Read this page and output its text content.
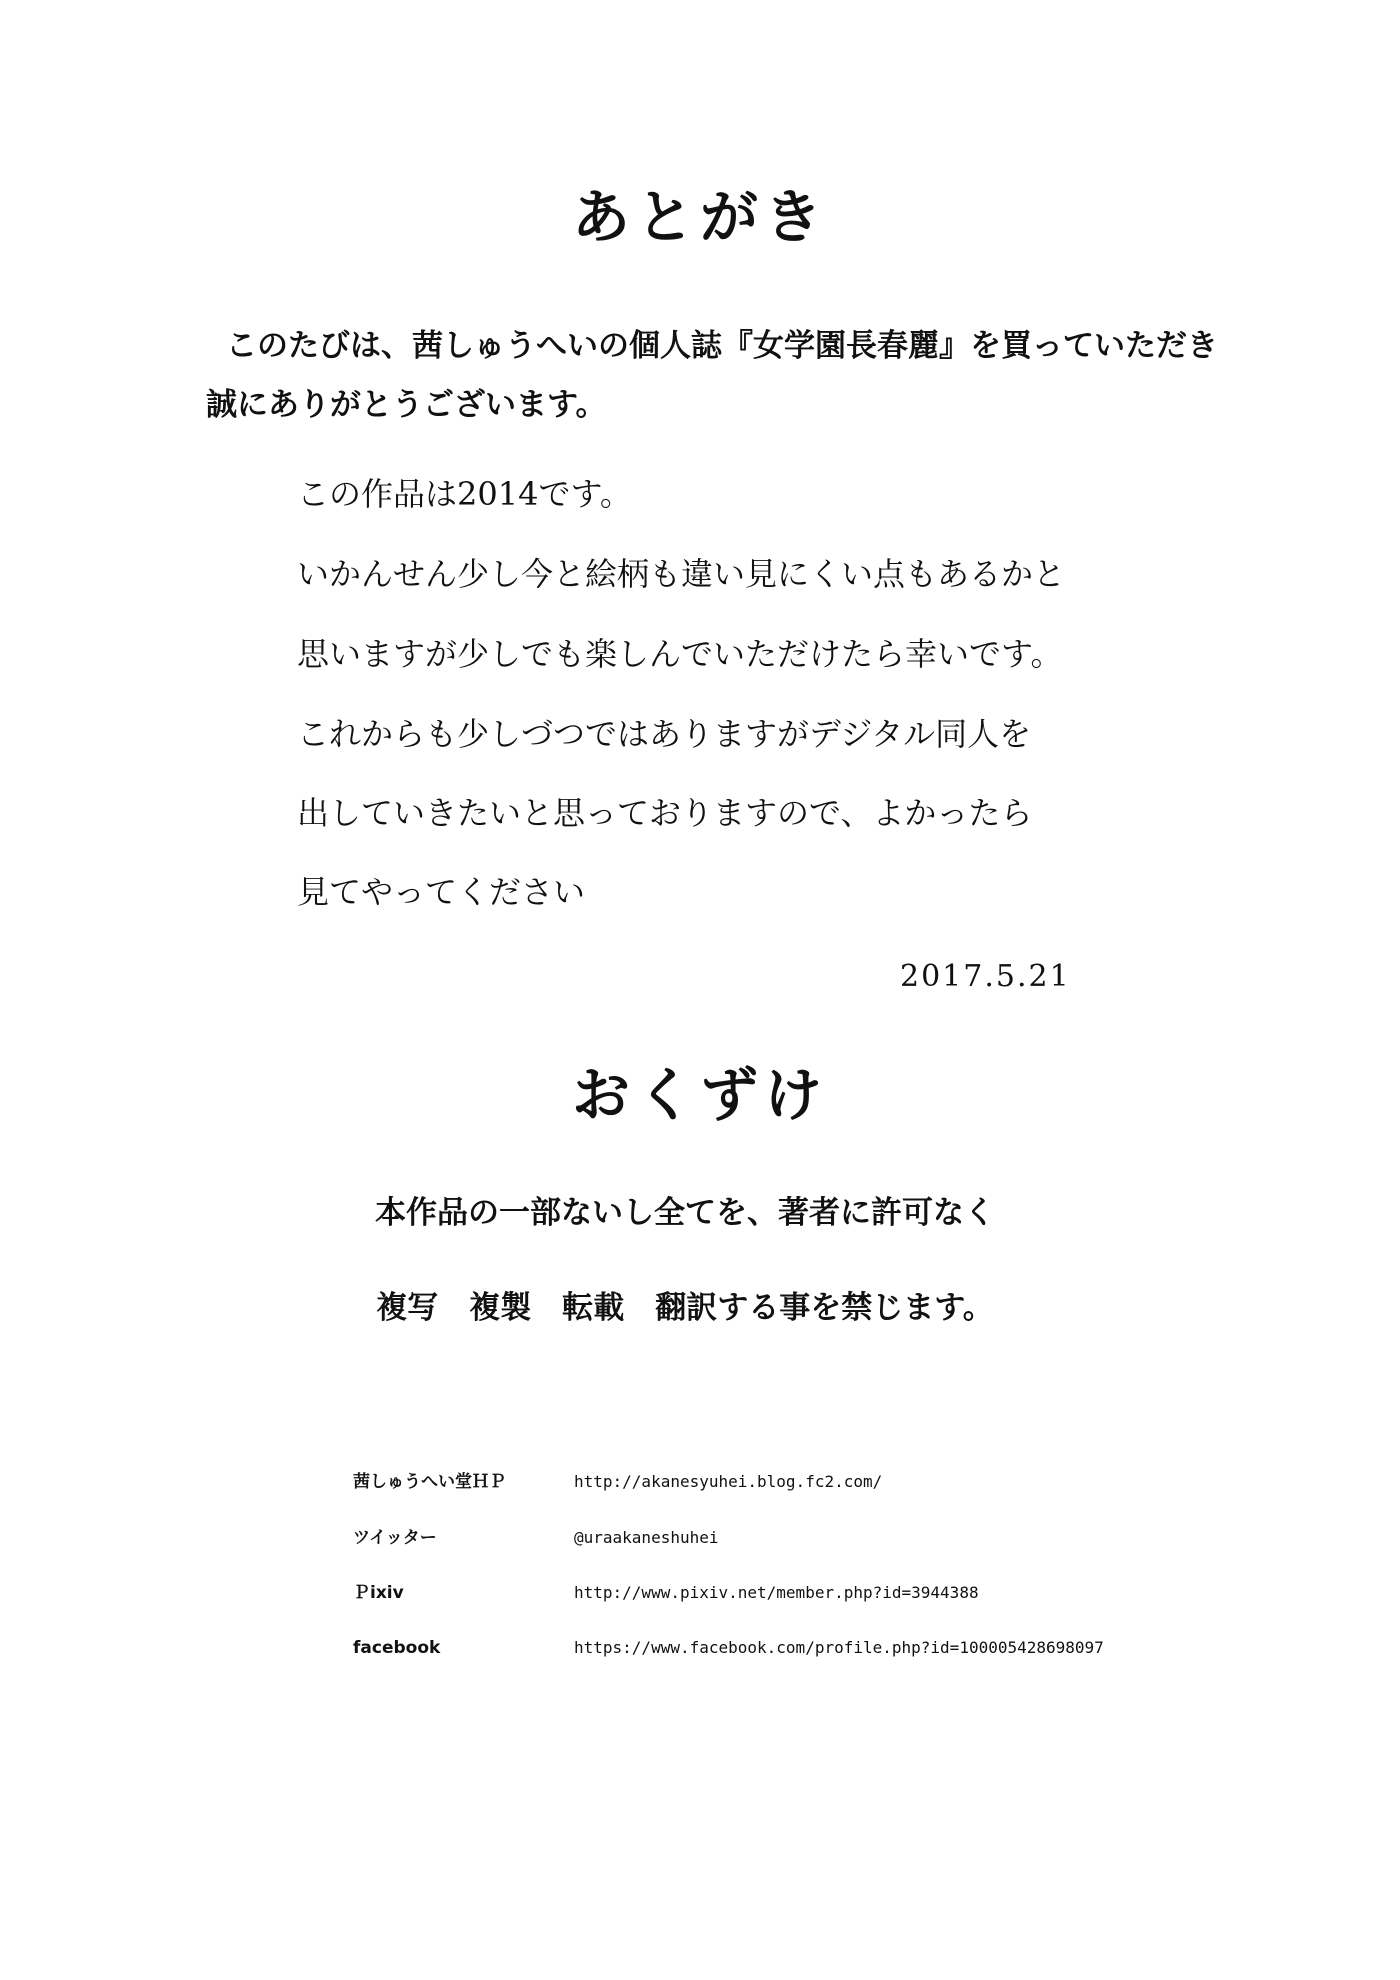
あとがき
このたびは、茜しゅうへいの個人誌『女学園長春麗』を買っていただき
誠にありがとうございます。
この作品は2014です。
いかんせん少し今と絵柄も違い見にくい点もあるかと
思いますが少しでも楽しんでいただけたら幸いです。
これからも少しづつではありますがデジタル同人を
出していきたいと思っておりますので、よかったら
見てやってください
2017.5.21
おくずけ
本作品の一部ないし全てを、著者に許可なく
複写　複製　転載　翻訳する事を禁じます。
茜しゅうへい堂ＨＰ	http://akanesyuhei.blog.fc2.com/
ツイッター	@uraakaneshuhei
Ｐixiv	http://www.pixiv.net/member.php?id=3944388
facebook	https://www.facebook.com/profile.php?id=100005428698097
